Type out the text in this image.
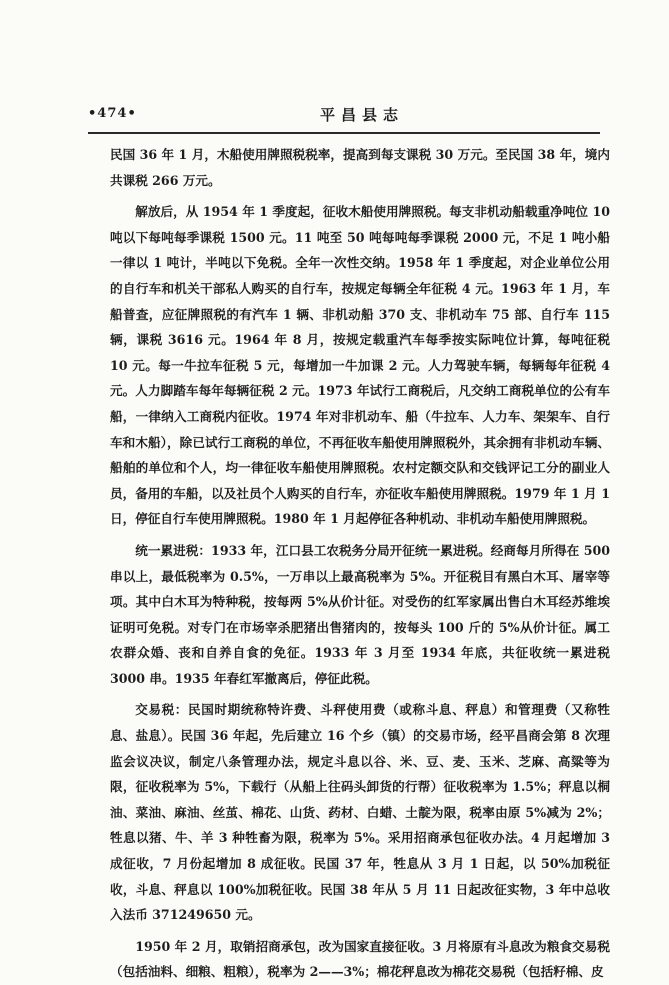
•474•	平昌县志

民国 36 年 1 月，木船使用牌照税税率，提高到每支课税 30 万元。至民国 38 年，境内共课税 266 万元。

解放后，从 1954 年 1 季度起，征收木船使用牌照税。每支非机动船载重净吨位 10 吨以下每吨每季课税 1500 元。11 吨至 50 吨每吨每季课税 2000 元，不足 1 吨小船一律以 1 吨计，半吨以下免税。全年一次性交纳。1958 年 1 季度起，对企业单位公用的自行车和机关干部私人购买的自行车，按规定每辆全年征税 4 元。1963 年 1 月，车船普查，应征牌照税的有汽车 1 辆、非机动船 370 支、非机动车 75 部、自行车 115 辆，课税 3616 元。1964 年 8 月，按规定载重汽车每季按实际吨位计算，每吨征税 10 元。每一牛拉车征税 5 元，每增加一牛加课 2 元。人力驾驶车辆，每辆每年征税 4 元。人力脚踏车每年每辆征税 2 元。1973 年试行工商税后，凡交纳工商税单位的公有车船，一律纳入工商税内征收。1974 年对非机动车、船（牛拉车、人力车、架架车、自行车和木船），除已试行工商税的单位，不再征收车船使用牌照税外，其余拥有非机动车辆、船舶的单位和个人，均一律征收车船使用牌照税。农村定额交队和交钱评记工分的副业人员，备用的车船，以及社员个人购买的自行车，亦征收车船使用牌照税。1979 年 1 月 1 日，停征自行车使用牌照税。1980 年 1 月起停征各种机动、非机动车船使用牌照税。

统一累进税：1933 年，江口县工农税务分局开征统一累进税。经商每月所得在 500 串以上，最低税率为 0.5%，一万串以上最高税率为 5%。开征税目有黑白木耳、屠宰等项。其中白木耳为特种税，按每两 5%从价计征。对受伤的红军家属出售白木耳经苏维埃证明可免税。对专门在市场宰杀肥猪出售猪肉的，按每头 100 斤的 5%从价计征。属工农群众婚、丧和自养自食的免征。1933 年 3 月至 1934 年底，共征收统一累进税 3000 串。1935 年春红军撤离后，停征此税。

交易税：民国时期统称特许费、斗秤使用费（或称斗息、秤息）和管理费（又称牲息、盐息）。民国 36 年起，先后建立 16 个乡（镇）的交易市场，经平昌商会第 8 次理监会议决议，制定八条管理办法，规定斗息以谷、米、豆、麦、玉米、芝麻、高粱等为限，征收税率为 5%，下载行（从船上往码头卸货的行帮）征收税率为 1.5%；秤息以桐油、菜油、麻油、丝茧、棉花、山货、药材、白蜡、土靛为限，税率由原 5%减为 2%；牲息以猪、牛、羊 3 种牲畜为限，税率为 5%。采用招商承包征收办法。4 月起增加 3 成征收，7 月份起增加 8 成征收。民国 37 年，牲息从 3 月 1 日起，以 50%加税征收，斗息、秤息以 100%加税征收。民国 38 年从 5 月 11 日起改征实物，3 年中总收入法币 371249650 元。

1950 年 2 月，取销招商承包，改为国家直接征收。3 月将原有斗息改为粮食交易税（包括油料、细粮、粗粮），税率为 2——3%；棉花秤息改为棉花交易税（包括籽棉、皮
